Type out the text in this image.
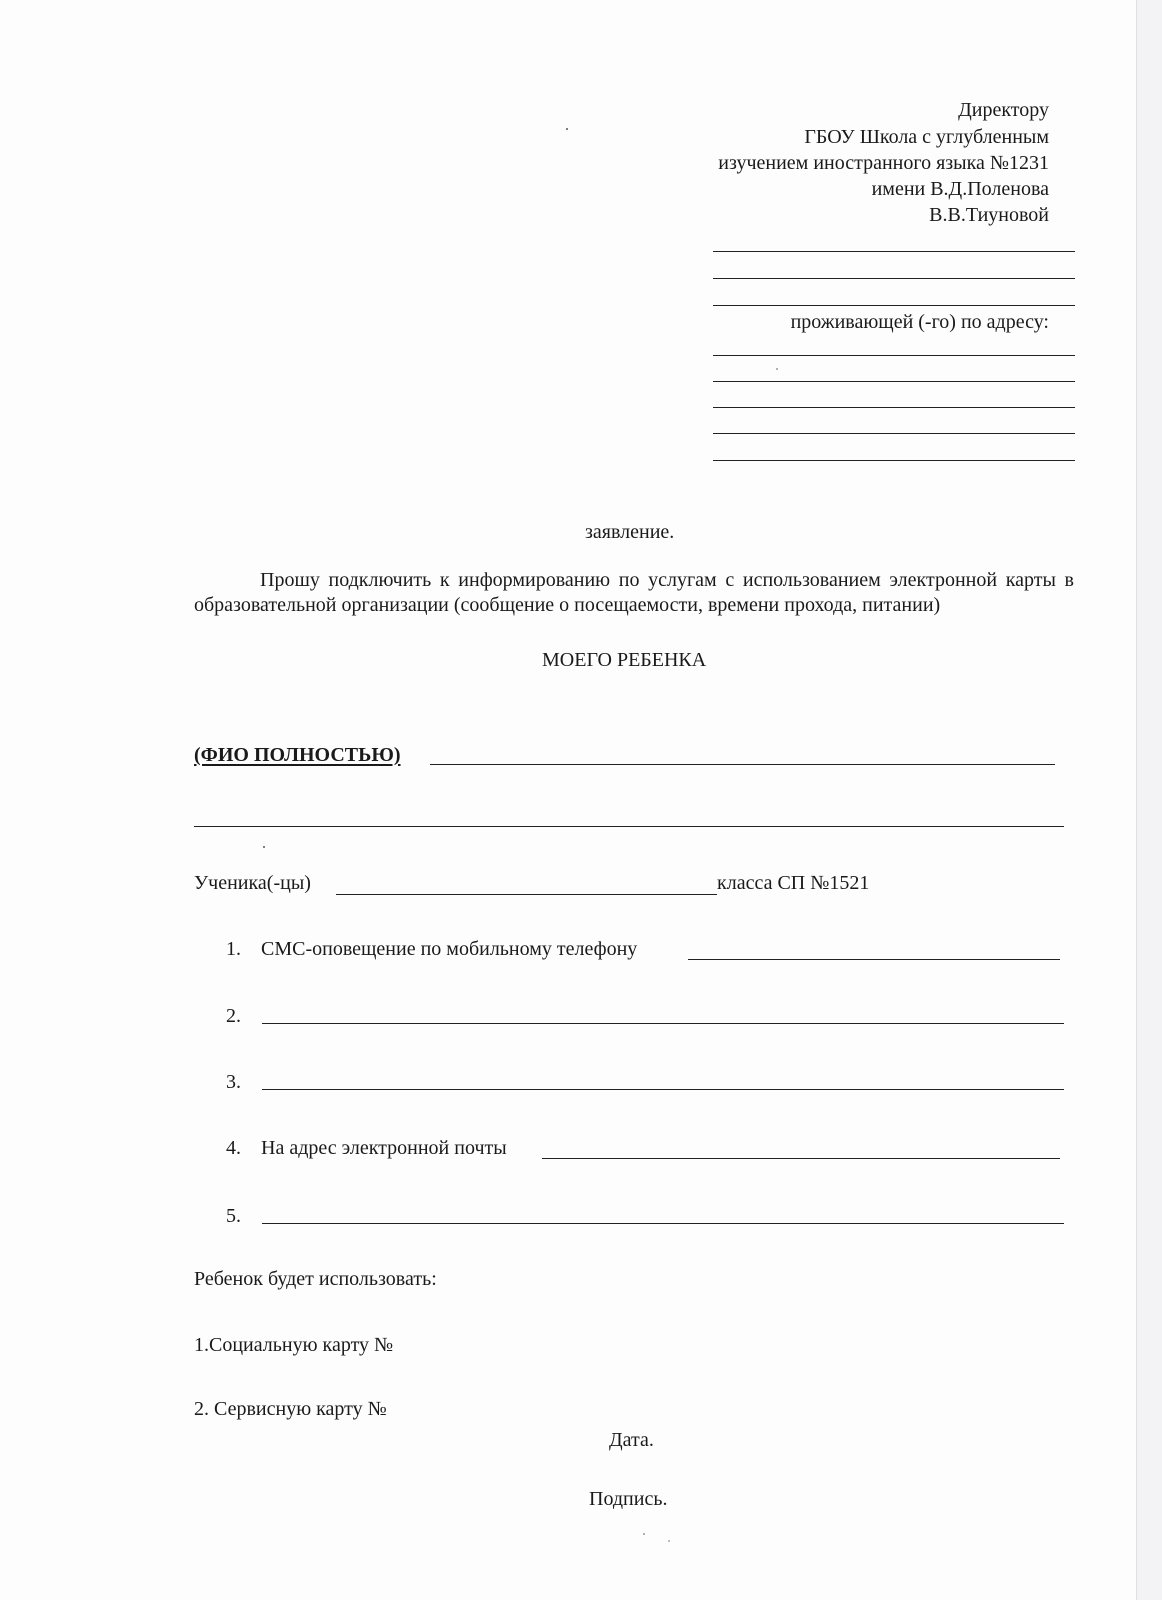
Директору
ГБОУ Школа с углубленным
изучением иностранного языка №1231
имени В.Д.Поленова
В.В.Тиуновой
проживающей (-го) по адресу:
заявление.
Прошу подключить к информированию по услугам с использованием электронной карты в образовательной организации (сообщение о посещаемости, времени прохода, питании)
МОЕГО РЕБЕНКА
(ФИО ПОЛНОСТЬЮ)
Ученика(-цы)	класса СП №1521
1. СМС-оповещение по мобильному телефону
2.
3.
4. На адрес электронной почты
5.
Ребенок будет использовать:
1.Социальную карту №
2. Сервисную карту №
Дата.
Подпись.
